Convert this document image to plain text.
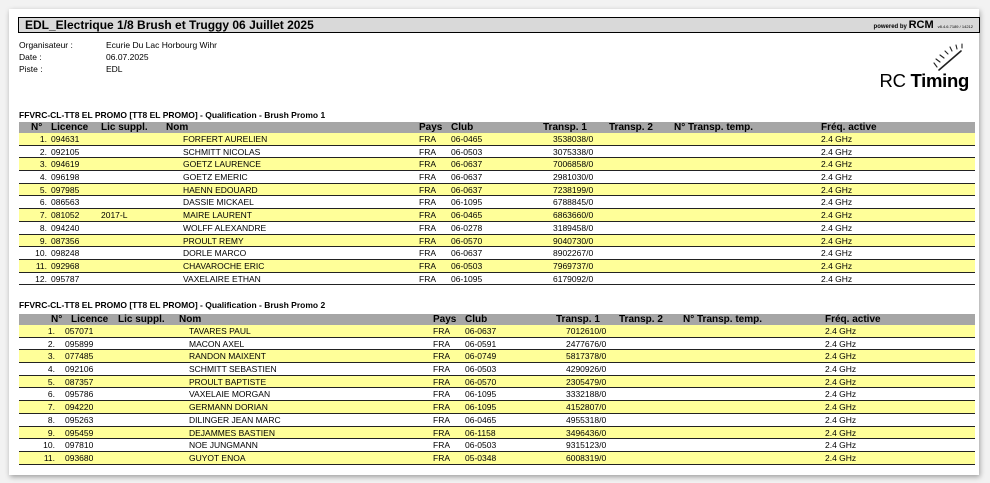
EDL_Electrique 1/8 Brush et Truggy 06 Juillet 2025	powered by RCM v8.4.6.7189 / 14212
Organisateur :	Ecurie Du Lac Horbourg Wihr
Date :	06.07.2025
Piste :	EDL
RC Timing
FFVRC-CL-TT8 EL PROMO [TT8 EL PROMO] - Qualification - Brush Promo 1
N° Licence Lic suppl. Nom	Pays Club	Transp. 1 Transp. 2 N° Transp. temp.	Fréq. active
1. 094631	FORFERT AURELIEN	FRA 06-0465	3538038/0	2.4 GHz
2. 092105	SCHMITT NICOLAS	FRA 06-0503	3075338/0	2.4 GHz
3. 094619	GOETZ LAURENCE	FRA 06-0637	7006858/0	2.4 GHz
4. 096198	GOETZ EMERIC	FRA 06-0637	2981030/0	2.4 GHz
5. 097985	HAENN EDOUARD	FRA 06-0637	7238199/0	2.4 GHz
6. 086563	DASSIE MICKAEL	FRA 06-1095	6788845/0	2.4 GHz
7. 081052	2017-L	MAIRE LAURENT	FRA 06-0465	6863660/0	2.4 GHz
8. 094240	WOLFF ALEXANDRE	FRA 06-0278	3189458/0	2.4 GHz
9. 087356	PROULT REMY	FRA 06-0570	9040730/0	2.4 GHz
10. 098248	DORLE MARCO	FRA 06-0637	8902267/0	2.4 GHz
11. 092968	CHAVAROCHE ERIC	FRA 06-0503	7969737/0	2.4 GHz
12. 095787	VAXELAIRE ETHAN	FRA 06-1095	6179092/0	2.4 GHz
FFVRC-CL-TT8 EL PROMO [TT8 EL PROMO] - Qualification - Brush Promo 2
N° Licence Lic suppl. Nom	Pays Club	Transp. 1 Transp. 2 N° Transp. temp.	Fréq. active
1. 057071	TAVARES PAUL	FRA 06-0637	7012610/0	2.4 GHz
2. 095899	MACON AXEL	FRA 06-0591	2477676/0	2.4 GHz
3. 077485	RANDON MAIXENT	FRA 06-0749	5817378/0	2.4 GHz
4. 092106	SCHMITT SEBASTIEN	FRA 06-0503	4290926/0	2.4 GHz
5. 087357	PROULT BAPTISTE	FRA 06-0570	2305479/0	2.4 GHz
6. 095786	VAXELAIE MORGAN	FRA 06-1095	3332188/0	2.4 GHz
7. 094220	GERMANN DORIAN	FRA 06-1095	4152807/0	2.4 GHz
8. 095263	DILINGER JEAN MARC	FRA 06-0465	4955318/0	2.4 GHz
9. 095459	DEJAMMES BASTIEN	FRA 06-1158	3496436/0	2.4 GHz
10. 097810	NOE JUNGMANN	FRA 06-0503	9315123/0	2.4 GHz
11. 093680	GUYOT ENOA	FRA 05-0348	6008319/0	2.4 GHz
